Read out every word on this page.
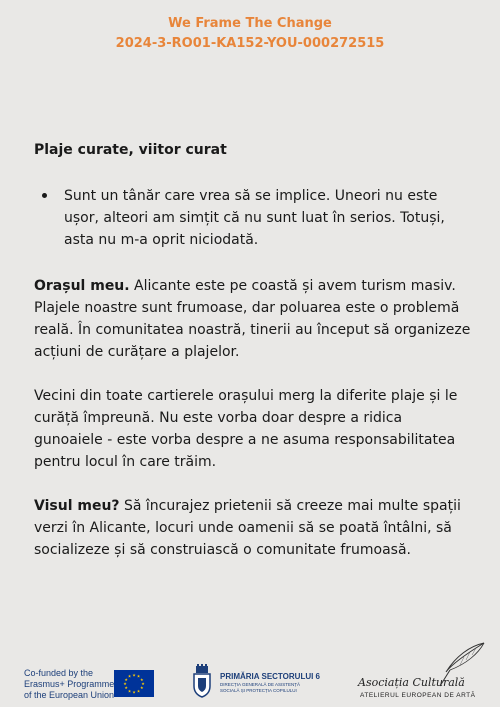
We Frame The Change
2024-3-RO01-KA152-YOU-000272515
Plaje curate, viitor curat
Sunt un tânăr care vrea să se implice. Uneori nu este ușor, alteori am simțit că nu sunt luat în serios. Totuși, asta nu m-a oprit niciodată.

Orașul meu. Alicante este pe coastă și avem turism masiv. Plajele noastre sunt frumoase, dar poluarea este o problemă reală. În comunitatea noastră, tinerii au început să organizeze acțiuni de curățare a plajelor.

Vecini din toate cartierele orașului merg la diferite plaje și le curăță împreună. Nu este vorba doar despre a ridica gunoaiele - este vorba despre a ne asuma responsabilitatea pentru locul în care trăim.

Visul meu? Să încurajez prietenii să creeze mai multe spații verzi în Alicante, locuri unde oamenii să se poată întâlni, să socializeze și să construiască o comunitate frumoasă.

Co-funded by the
Erasmus+ Programme
of the European Union
★ ★
★
★
★
★
★
★
★
★
★
★	PRIMĂRIA SECTORULUI 6
DIRECȚIA GENERALĂ DE ASISTENȚĂ
SOCIALĂ ȘI PROTECȚIA COPILULUI
Asociația Culturală
ATELIERUL EUROPEAN DE ARTĂ
